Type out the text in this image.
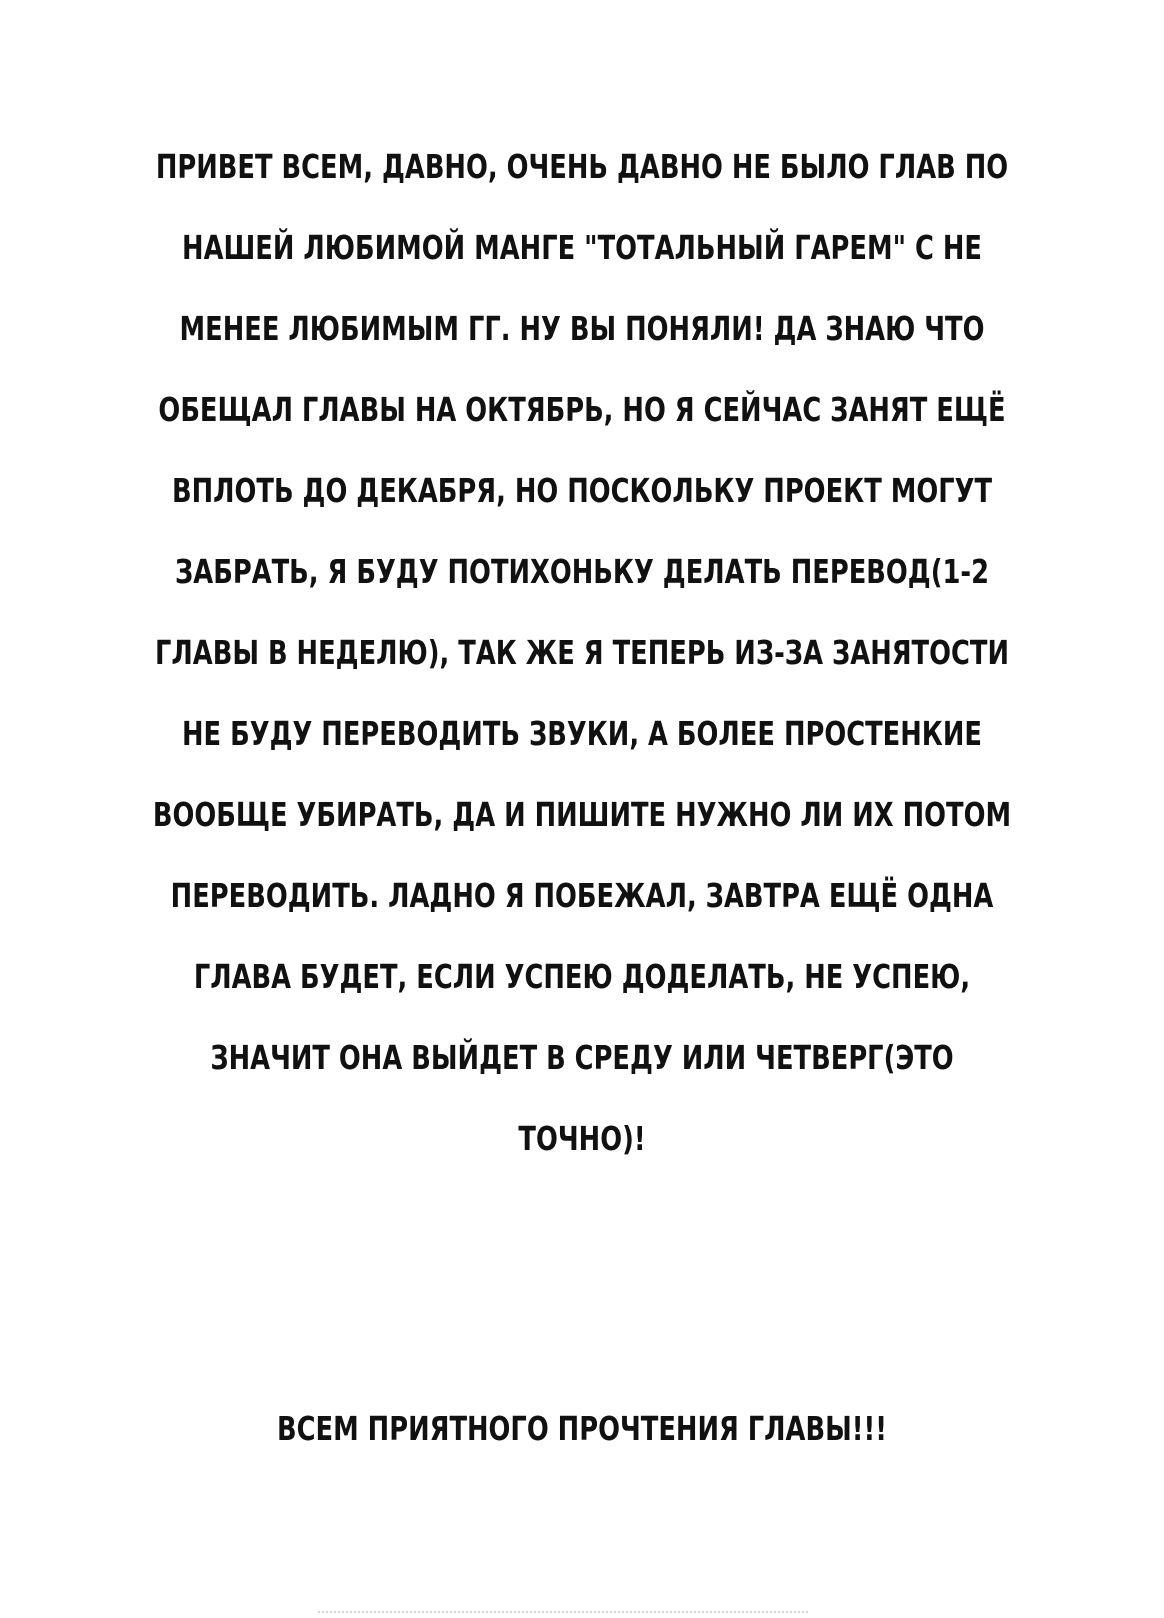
ПРИВЕТ ВСЕМ, ДАВНО, ОЧЕНЬ ДАВНО НЕ БЫЛО ГЛАВ ПО
НАШЕЙ ЛЮБИМОЙ МАНГЕ "ТОТАЛЬНЫЙ ГАРЕМ" С НЕ
МЕНЕЕ ЛЮБИМЫМ ГГ. НУ ВЫ ПОНЯЛИ! ДА ЗНАЮ ЧТО
ОБЕЩАЛ ГЛАВЫ НА ОКТЯБРЬ, НО Я СЕЙЧАС ЗАНЯТ ЕЩЁ
ВПЛОТЬ ДО ДЕКАБРЯ, НО ПОСКОЛЬКУ ПРОЕКТ МОГУТ
ЗАБРАТЬ, Я БУДУ ПОТИХОНЬКУ ДЕЛАТЬ ПЕРЕВОД(1-2
ГЛАВЫ В НЕДЕЛЮ), ТАК ЖЕ Я ТЕПЕРЬ ИЗ-ЗА ЗАНЯТОСТИ
НЕ БУДУ ПЕРЕВОДИТЬ ЗВУКИ, А БОЛЕЕ ПРОСТЕНКИЕ
ВООБЩЕ УБИРАТЬ, ДА И ПИШИТЕ НУЖНО ЛИ ИХ ПОТОМ
ПЕРЕВОДИТЬ. ЛАДНО Я ПОБЕЖАЛ, ЗАВТРА ЕЩЁ ОДНА
ГЛАВА БУДЕТ, ЕСЛИ УСПЕЮ ДОДЕЛАТЬ, НЕ УСПЕЮ,
ЗНАЧИТ ОНА ВЫЙДЕТ В СРЕДУ ИЛИ ЧЕТВЕРГ(ЭТО
ТОЧНО)!

ВСЕМ ПРИЯТНОГО ПРОЧТЕНИЯ ГЛАВЫ!!!
